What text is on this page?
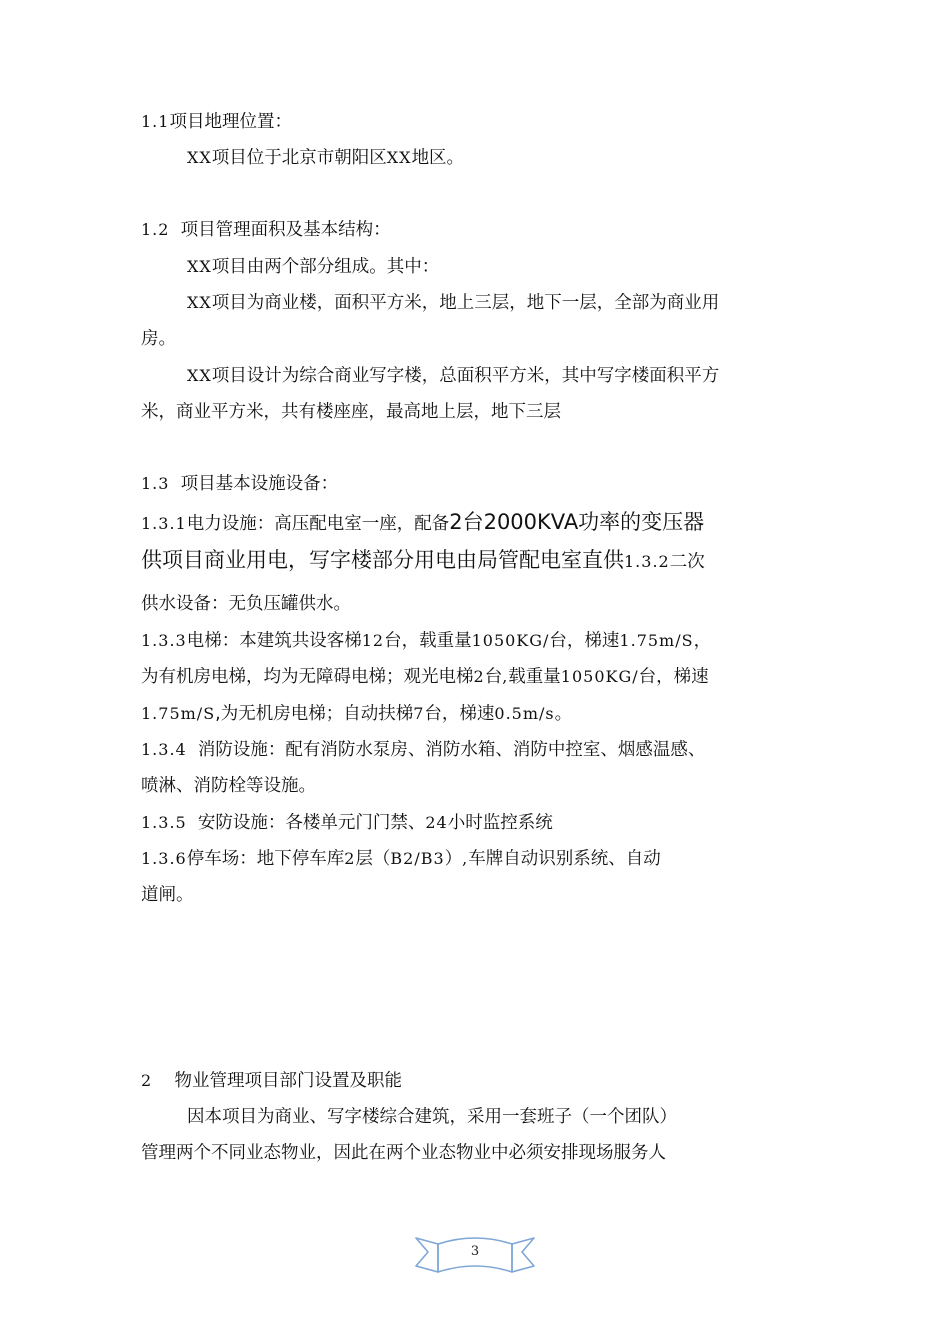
1.1项目地理位置：
XX项目位于北京市朝阳区XX地区。
1.2 项目管理面积及基本结构：
XX项目由两个部分组成。其中：
XX项目为商业楼，面积平方米，地上三层，地下一层，全部为商业用
房。
XX项目设计为综合商业写字楼，总面积平方米，其中写字楼面积平方
米，商业平方米，共有楼座座，最高地上层，地下三层
1.3 项目基本设施设备：
1.3.1电力设施：高压配电室一座，配备2台2000KVA功率的变压器
供项目商业用电，写字楼部分用电由局管配电室直供1.3.2二次
供水设备：无负压罐供水。
1.3.3电梯：本建筑共设客梯12台，载重量1050KG/台，梯速1.75m/S，
为有机房电梯，均为无障碍电梯；观光电梯2台,载重量1050KG/台，梯速
1.75m/S,为无机房电梯；自动扶梯7台，梯速0.5m/s。
1.3.4 消防设施：配有消防水泵房、消防水箱、消防中控室、烟感温感、
喷淋、消防栓等设施。
1.3.5 安防设施：各楼单元门门禁、24小时监控系统
1.3.6停车场：地下停车库2层（B2/B3）,车牌自动识别系统、自动
道闸。
2 物业管理项目部门设置及职能
因本项目为商业、写字楼综合建筑，采用一套班子（一个团队）
管理两个不同业态物业，因此在两个业态物业中必须安排现场服务人
3
